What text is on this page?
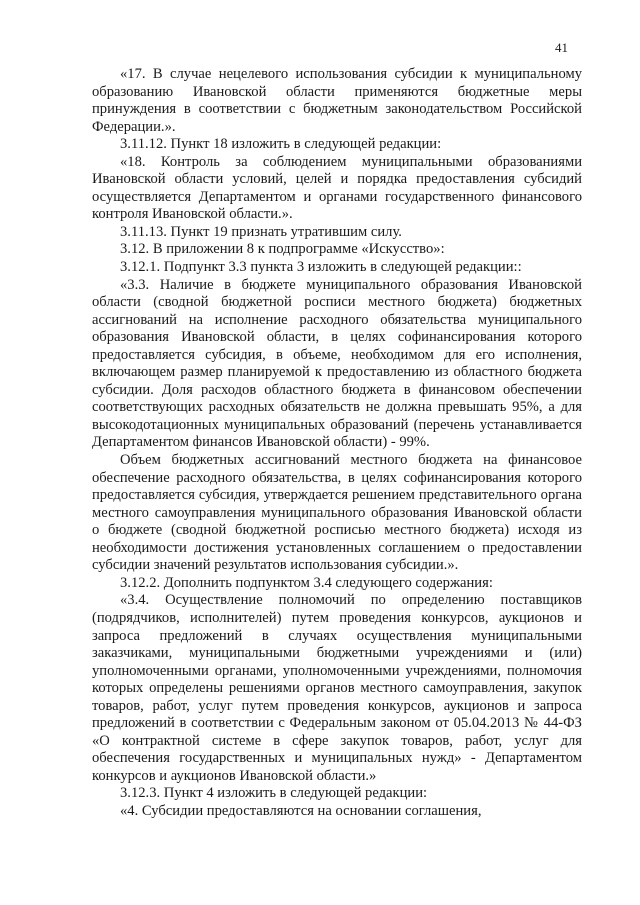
41

«17. В случае нецелевого использования субсидии к муниципальному образованию Ивановской области применяются бюджетные меры принуждения в соответствии с бюджетным законодательством Российской Федерации.».

3.11.12. Пункт 18 изложить в следующей редакции:

«18. Контроль за соблюдением муниципальными образованиями Ивановской области условий, целей и порядка предоставления субсидий осуществляется Департаментом и органами государственного финансового контроля Ивановской области.».

3.11.13. Пункт 19 признать утратившим силу.

3.12. В приложении 8 к подпрограмме «Искусство»:

3.12.1. Подпункт 3.3 пункта 3 изложить в следующей редакции::

«3.3. Наличие в бюджете муниципального образования Ивановской области (сводной бюджетной росписи местного бюджета) бюджетных ассигнований на исполнение расходного обязательства муниципального образования Ивановской области, в целях софинансирования которого предоставляется субсидия, в объеме, необходимом для его исполнения, включающем размер планируемой к предоставлению из областного бюджета субсидии. Доля расходов областного бюджета в финансовом обеспечении соответствующих расходных обязательств не должна превышать 95%, а для высокодотационных муниципальных образований (перечень устанавливается Департаментом финансов Ивановской области) - 99%.

Объем бюджетных ассигнований местного бюджета на финансовое обеспечение расходного обязательства, в целях софинансирования которого предоставляется субсидия, утверждается решением представительного органа местного самоуправления муниципального образования Ивановской области о бюджете (сводной бюджетной росписью местного бюджета) исходя из необходимости достижения установленных соглашением о предоставлении субсидии значений результатов использования субсидии.».

3.12.2. Дополнить подпунктом 3.4 следующего содержания:

«3.4. Осуществление полномочий по определению поставщиков (подрядчиков, исполнителей) путем проведения конкурсов, аукционов и запроса предложений в случаях осуществления муниципальными заказчиками, муниципальными бюджетными учреждениями и (или) уполномоченными органами, уполномоченными учреждениями, полномочия которых определены решениями органов местного самоуправления, закупок товаров, работ, услуг путем проведения конкурсов, аукционов и запроса предложений в соответствии с Федеральным законом от 05.04.2013 № 44-ФЗ «О контрактной системе в сфере закупок товаров, работ, услуг для обеспечения государственных и муниципальных нужд» - Департаментом конкурсов и аукционов Ивановской области.»

3.12.3. Пункт 4 изложить в следующей редакции:

«4. Субсидии предоставляются на основании соглашения,
